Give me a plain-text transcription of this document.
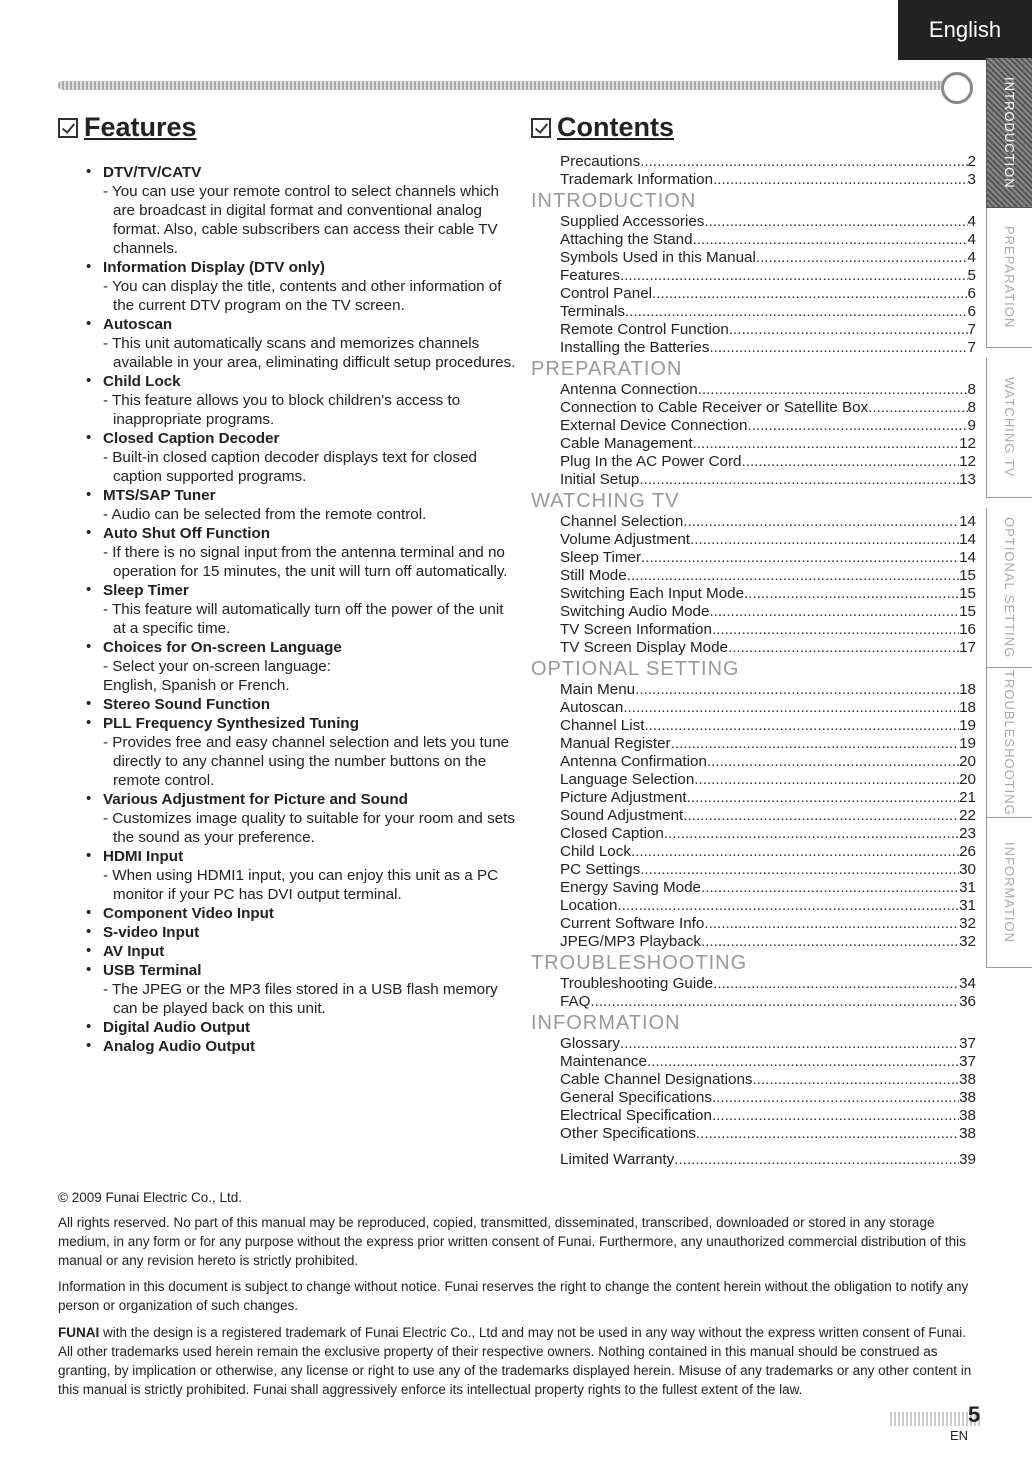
English
INTRODUCTION
PREPARATION
WATCHING TV
OPTIONAL SETTING
TROUBLESHOOTING
INFORMATION
Features
• DTV/TV/CATV
- You can use your remote control to select channels which are broadcast in digital format and conventional analog format. Also, cable subscribers can access their cable TV channels.
• Information Display (DTV only)
- You can display the title, contents and other information of the current DTV program on the TV screen.
• Autoscan
- This unit automatically scans and memorizes channels available in your area, eliminating difficult setup procedures.
• Child Lock
- This feature allows you to block children's access to inappropriate programs.
• Closed Caption Decoder
- Built-in closed caption decoder displays text for closed caption supported programs.
• MTS/SAP Tuner
- Audio can be selected from the remote control.
• Auto Shut Off Function
- If there is no signal input from the antenna terminal and no operation for 15 minutes, the unit will turn off automatically.
• Sleep Timer
- This feature will automatically turn off the power of the unit at a specific time.
• Choices for On-screen Language
- Select your on-screen language:
English, Spanish or French.
• Stereo Sound Function
• PLL Frequency Synthesized Tuning
- Provides free and easy channel selection and lets you tune directly to any channel using the number buttons on the remote control.
• Various Adjustment for Picture and Sound
- Customizes image quality to suitable for your room and sets the sound as your preference.
• HDMI Input
- When using HDMI1 input, you can enjoy this unit as a PC monitor if your PC has DVI output terminal.
• Component Video Input
• S-video Input
• AV Input
• USB Terminal
- The JPEG or the MP3 files stored in a USB flash memory can be played back on this unit.
• Digital Audio Output
• Analog Audio Output
Contents
Precautions .....	2
Trademark Information .....	3
INTRODUCTION
Supplied Accessories .....	4
Attaching the Stand .....	4
Symbols Used in this Manual .....	4
Features .....	5
Control Panel .....	6
Terminals .....	6
Remote Control Function .....	7
Installing the Batteries .....	7
PREPARATION
Antenna Connection .....	8
Connection to Cable Receiver or Satellite Box .....	8
External Device Connection .....	9
Cable Management .....	12
Plug In the AC Power Cord .....	12
Initial Setup .....	13
WATCHING TV
Channel Selection .....	14
Volume Adjustment .....	14
Sleep Timer .....	14
Still Mode .....	15
Switching Each Input Mode .....	15
Switching Audio Mode .....	15
TV Screen Information .....	16
TV Screen Display Mode .....	17
OPTIONAL SETTING
Main Menu .....	18
Autoscan .....	18
Channel List .....	19
Manual Register .....	19
Antenna Confirmation .....	20
Language Selection .....	20
Picture Adjustment .....	21
Sound Adjustment .....	22
Closed Caption .....	23
Child Lock .....	26
PC Settings .....	30
Energy Saving Mode .....	31
Location .....	31
Current Software Info .....	32
JPEG/MP3 Playback .....	32
TROUBLESHOOTING
Troubleshooting Guide .....	34
FAQ .....	36
INFORMATION
Glossary .....	37
Maintenance .....	37
Cable Channel Designations .....	38
General Specifications .....	38
Electrical Specification .....	38
Other Specifications .....	38
Limited Warranty .....	39
© 2009 Funai Electric Co., Ltd.
All rights reserved. No part of this manual may be reproduced, copied, transmitted, disseminated, transcribed, downloaded or stored in any storage medium, in any form or for any purpose without the express prior written consent of Funai. Furthermore, any unauthorized commercial distribution of this manual or any revision hereto is strictly prohibited.
Information in this document is subject to change without notice. Funai reserves the right to change the content herein without the obligation to notify any person or organization of such changes.
FUNAI with the design is a registered trademark of Funai Electric Co., Ltd and may not be used in any way without the express written consent of Funai. All other trademarks used herein remain the exclusive property of their respective owners. Nothing contained in this manual should be construed as granting, by implication or otherwise, any license or right to use any of the trademarks displayed herein. Misuse of any trademarks or any other content in this manual is strictly prohibited. Funai shall aggressively enforce its intellectual property rights to the fullest extent of the law.
5
EN
